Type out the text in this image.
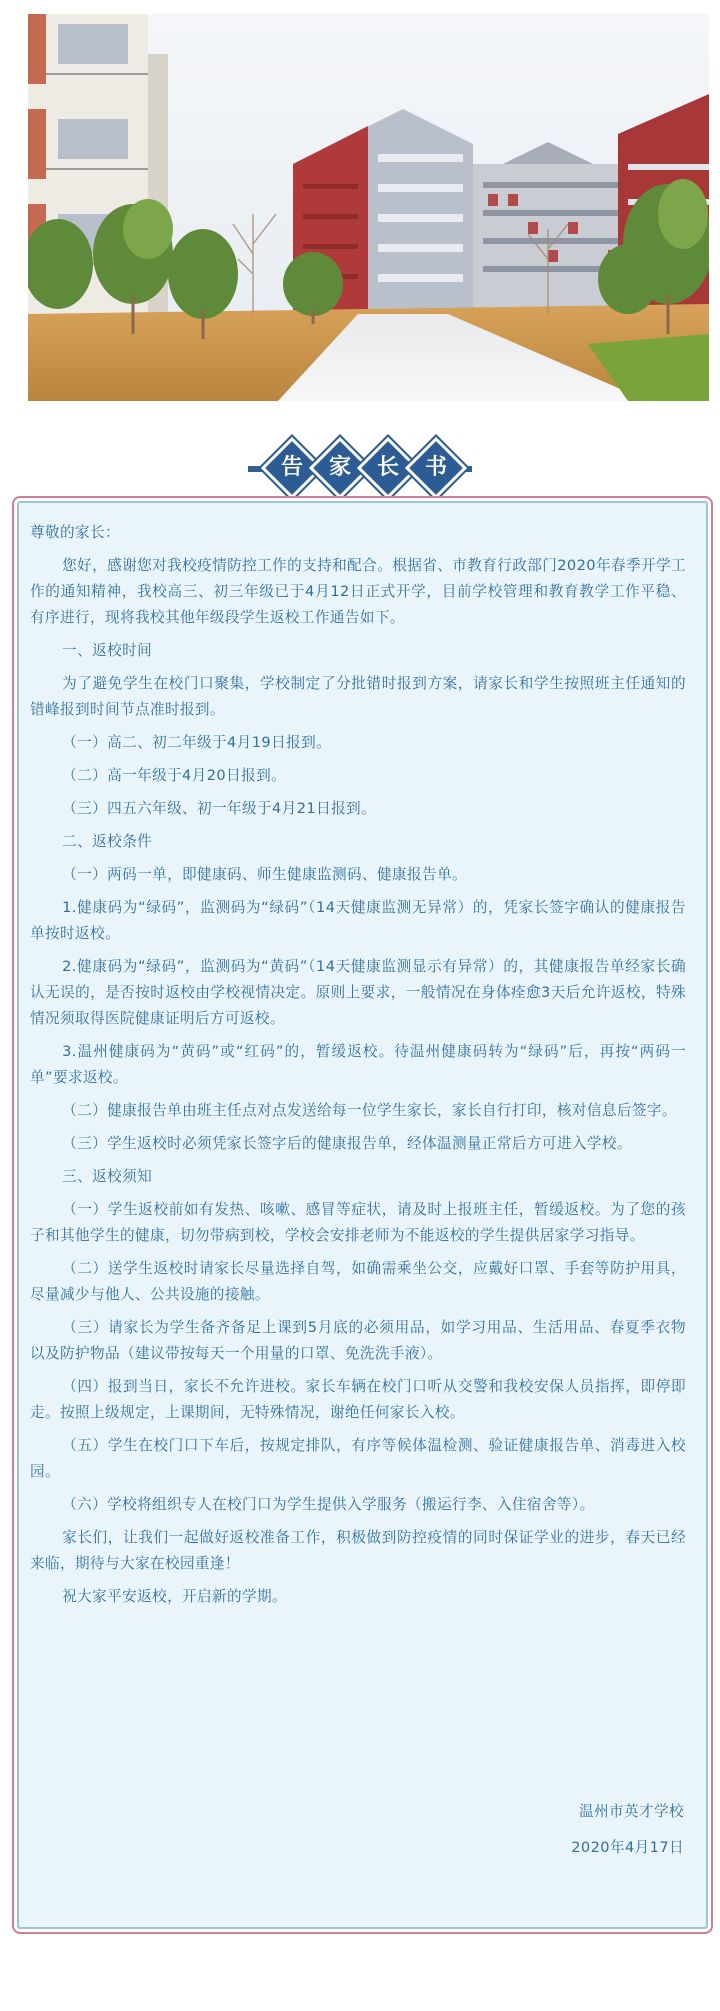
告	家	长	书

尊敬的家长：

您好，感谢您对我校疫情防控工作的支持和配合。根据省、市教育行政部门2020年春季开学工作的通知精神，我校高三、初三年级已于4月12日正式开学，目前学校管理和教育教学工作平稳、有序进行，现将我校其他年级段学生返校工作通告如下。

一、返校时间

为了避免学生在校门口聚集，学校制定了分批错时报到方案，请家长和学生按照班主任通知的错峰报到时间节点准时报到。

（一）高二、初二年级于4月19日报到。

（二）高一年级于4月20日报到。

（三）四五六年级、初一年级于4月21日报到。

二、返校条件

（一）两码一单，即健康码、师生健康监测码、健康报告单。

1.健康码为“绿码”，监测码为“绿码”（14天健康监测无异常）的，凭家长签字确认的健康报告单按时返校。

2.健康码为“绿码”，监测码为“黄码”（14天健康监测显示有异常）的，其健康报告单经家长确认无误的，是否按时返校由学校视情决定。原则上要求，一般情况在身体痊愈3天后允许返校，特殊情况须取得医院健康证明后方可返校。

3.温州健康码为“黄码”或“红码”的，暂缓返校。待温州健康码转为“绿码”后，再按“两码一单”要求返校。

（二）健康报告单由班主任点对点发送给每一位学生家长，家长自行打印，核对信息后签字。

（三）学生返校时必须凭家长签字后的健康报告单，经体温测量正常后方可进入学校。

三、返校须知

（一）学生返校前如有发热、咳嗽、感冒等症状，请及时上报班主任，暂缓返校。为了您的孩子和其他学生的健康，切勿带病到校，学校会安排老师为不能返校的学生提供居家学习指导。

（二）送学生返校时请家长尽量选择自驾，如确需乘坐公交，应戴好口罩、手套等防护用具，尽量减少与他人、公共设施的接触。

（三）请家长为学生备齐备足上课到5月底的必须用品，如学习用品、生活用品、春夏季衣物以及防护物品（建议带按每天一个用量的口罩、免洗洗手液）。

（四）报到当日，家长不允许进校。家长车辆在校门口听从交警和我校安保人员指挥，即停即走。按照上级规定，上课期间，无特殊情况，谢绝任何家长入校。

（五）学生在校门口下车后，按规定排队，有序等候体温检测、验证健康报告单、消毒进入校园。

（六）学校将组织专人在校门口为学生提供入学服务（搬运行李、入住宿舍等）。

家长们，让我们一起做好返校准备工作，积极做到防控疫情的同时保证学业的进步，春天已经来临，期待与大家在校园重逢！

祝大家平安返校，开启新的学期。

温州市英才学校
2020年4月17日
